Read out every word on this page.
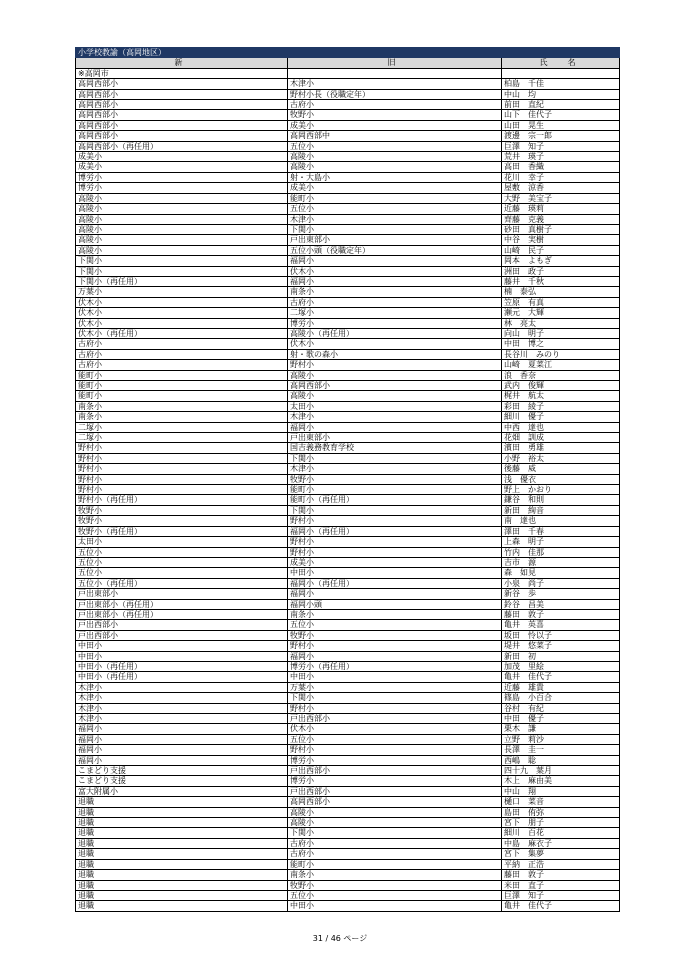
小学校教諭（高岡地区）		
新	旧	氏　名
※高岡市		
高岡西部小	木津小	柏島　千佳
高岡西部小	野村小長（役職定年）	中山　均
高岡西部小	古府小	前田　直紀
高岡西部小	牧野小	山下　佳代子
高岡西部小	成美小	山田　晃生
高岡西部小	高岡西部中	渡邊　宗一郎
高岡西部小（再任用）	五位小	巨澤　知子
成美小	高陵小	荒井　瑛子
成美小	高陵小	高田　香織
博労小	射・大島小	花川　幸子
博労小	成美小	屋敷　涼香
高陵小	能町小	大野　美宝子
高陵小	五位小	近藤　瑛莉
高陵小	木津小	齊藤　克義
高陵小	下関小	砂田　真樹子
高陵小	戸出東部小	中谷　実樹
高陵小	五位小頭（役職定年）	山崎　民子
下関小	福岡小	岡本　よもぎ
下関小	伏木小	洲田　政子
下関小（再任用）	福岡小	藤井　千秋
万葉小	南条小	楠　泰弘
伏木小	古府小	笠原　有真
伏木小	二塚小	瀬元　大輝
伏木小	博労小	林　亮太
伏木小（再任用）	高陵小（再任用）	向山　明子
古府小	伏木小	中田　博之
古府小	射・歌の森小	長谷川　みのり
古府小	野村小	山崎　夏菜江
能町小	高陵小	浪　香奈
能町小	高岡西部小	武内　俊輝
能町小	高陵小	梶井　航太
南条小	太田小	彩田　綾子
南条小	木津小	細川　優子
二塚小	福岡小	中西　達也
二塚小	戸出東部小	花畑　訓成
野村小	国吉義務教育学校	濱田　勇雄
野村小	下関小	小野　裕太
野村小	木津小	後藤　威
野村小	牧野小	浅　優衣
野村小	能町小	野上　かおり
野村小（再任用）	能町小（再任用）	鎌谷　和則
牧野小	下関小	新田　絢音
牧野小	野村小	南　達也
牧野小（再任用）	福岡小（再任用）	澤田　千春
太田小	野村小	上森　明子
五位小	野村小	竹内　佳那
五位小	成美小	吉市　源
五位小	中田小	森　如見
五位小（再任用）	福岡小（再任用）	小泉　尚子
戸出東部小	福岡小	新谷　歩
戸出東部小（再任用）	福岡小頭	鈴谷　昌美
戸出東部小（再任用）	南条小	藤田　敦子
戸出西部小	五位小	亀井　英喜
戸出西部小	牧野小	坂田　怜以子
中田小	野村小	堤井　悠菜子
中田小	福岡小	新田　初
中田小（再任用）	博労小（再任用）	加茂　里絵
中田小（再任用）	中田小	亀井　佳代子
木津小	万葉小	近藤　雄貴
木津小	下関小	篠島　小百合
木津小	野村小	谷村　有紀
木津小	戸出西部小	中田　優子
福岡小	伏木小	栗木　謙
福岡小	五位小	立野　莉沙
福岡小	野村小	長澤　圭一
福岡小	博労小	西嶋　聡
こまどり支援	戸出西部小	四十九　葉月
こまどり支援	博労小	木上　麻由美
富大附属小	戸出西部小	中山　翔
退職	高岡西部小	樋口　菜音
退職	高陵小	島田　侑弥
退職	高陵小	宮下　朋子
退職	下関小	細川　百花
退職	古府小	中島　麻衣子
退職	古府小	宮下　集夢
退職	能町小	平納　正浩
退職	南条小	藤田　敦子
退職	牧野小	米田　直子
退職	五位小	巨澤　知子
退職	中田小	亀井　佳代子
31 / 46 ページ
